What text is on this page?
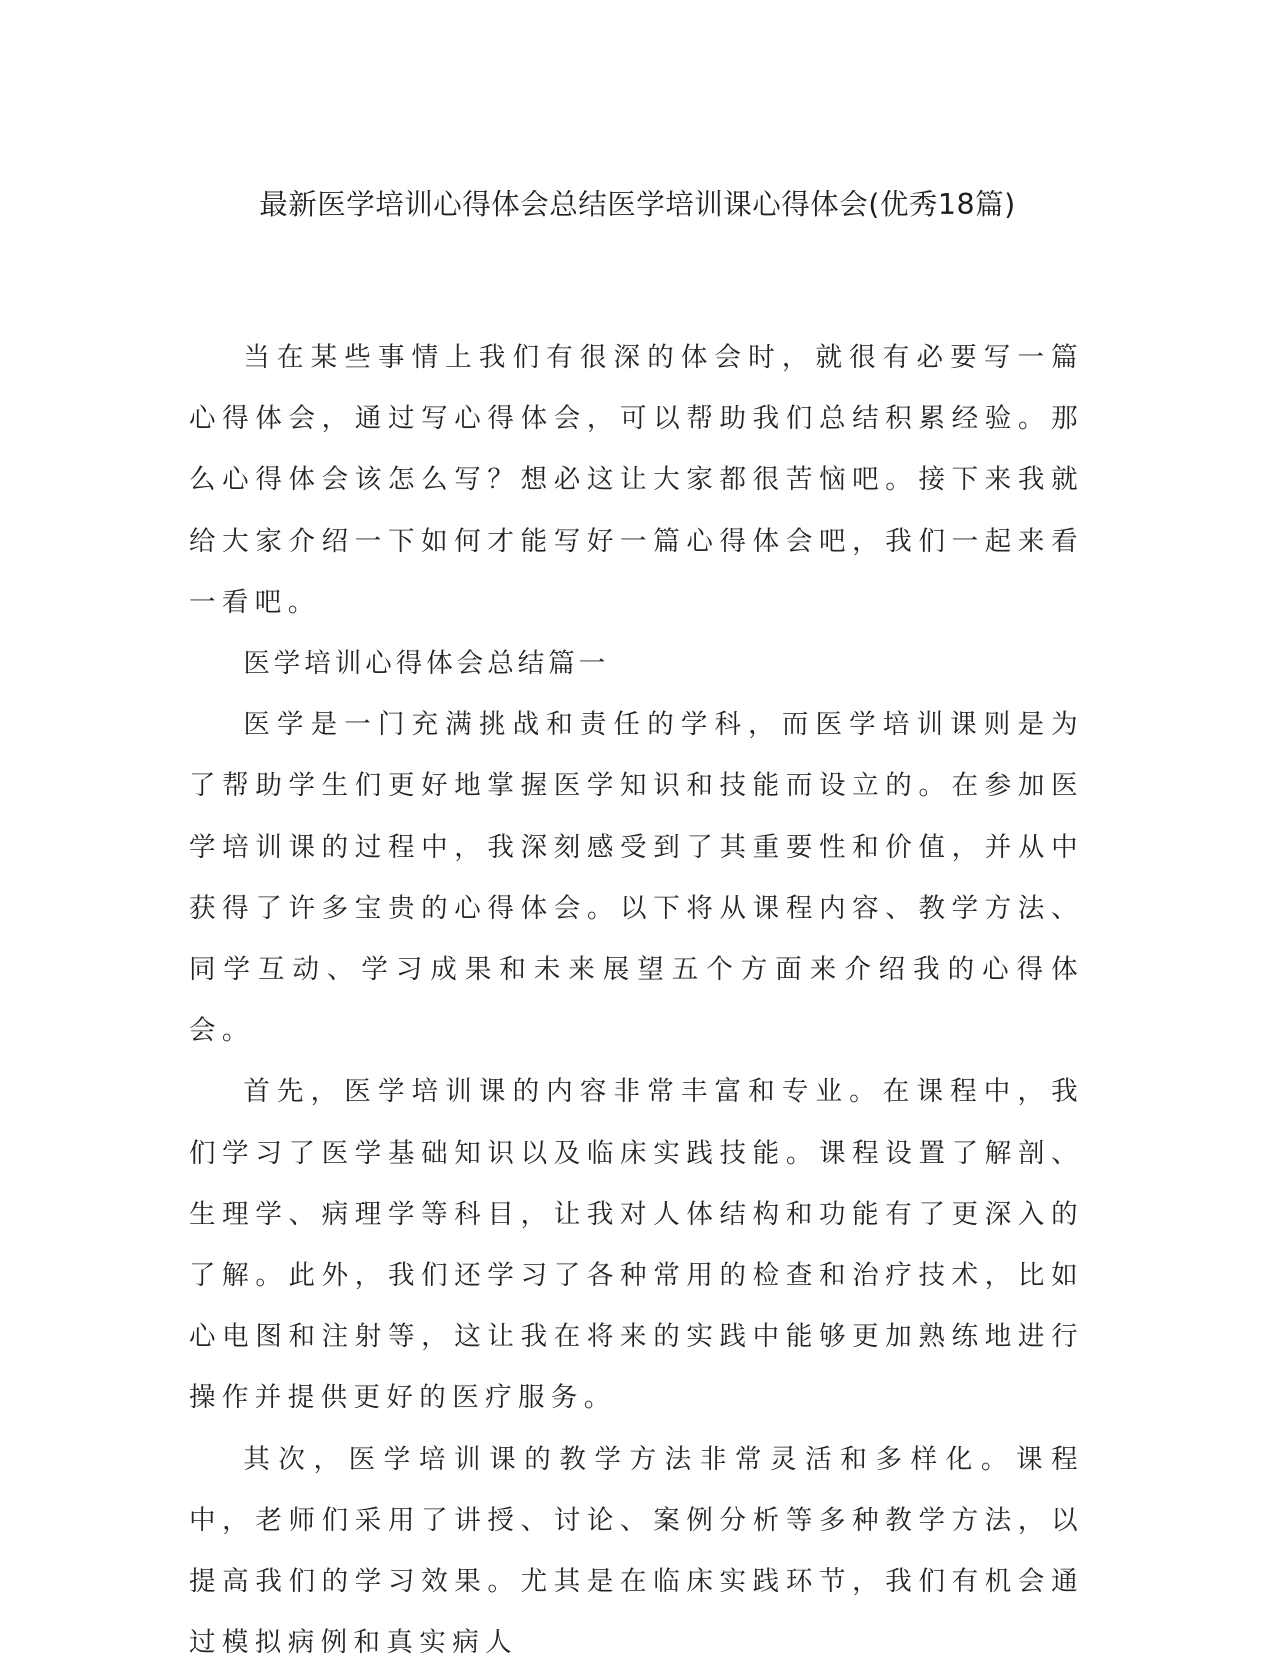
最新医学培训心得体会总结医学培训课心得体会(优秀18篇)

当在某些事情上我们有很深的体会时，就很有必要写一篇心得体会，通过写心得体会，可以帮助我们总结积累经验。那么心得体会该怎么写？想必这让大家都很苦恼吧。接下来我就给大家介绍一下如何才能写好一篇心得体会吧，我们一起来看一看吧。

医学培训心得体会总结篇一

医学是一门充满挑战和责任的学科，而医学培训课则是为了帮助学生们更好地掌握医学知识和技能而设立的。在参加医学培训课的过程中，我深刻感受到了其重要性和价值，并从中获得了许多宝贵的心得体会。以下将从课程内容、教学方法、同学互动、学习成果和未来展望五个方面来介绍我的心得体会。

首先，医学培训课的内容非常丰富和专业。在课程中，我们学习了医学基础知识以及临床实践技能。课程设置了解剖、生理学、病理学等科目，让我对人体结构和功能有了更深入的了解。此外，我们还学习了各种常用的检查和治疗技术，比如心电图和注射等，这让我在将来的实践中能够更加熟练地进行操作并提供更好的医疗服务。

其次，医学培训课的教学方法非常灵活和多样化。课程中，老师们采用了讲授、讨论、案例分析等多种教学方法，以提高我们的学习效果。尤其是在临床实践环节，我们有机会通过模拟病例和真实病人
